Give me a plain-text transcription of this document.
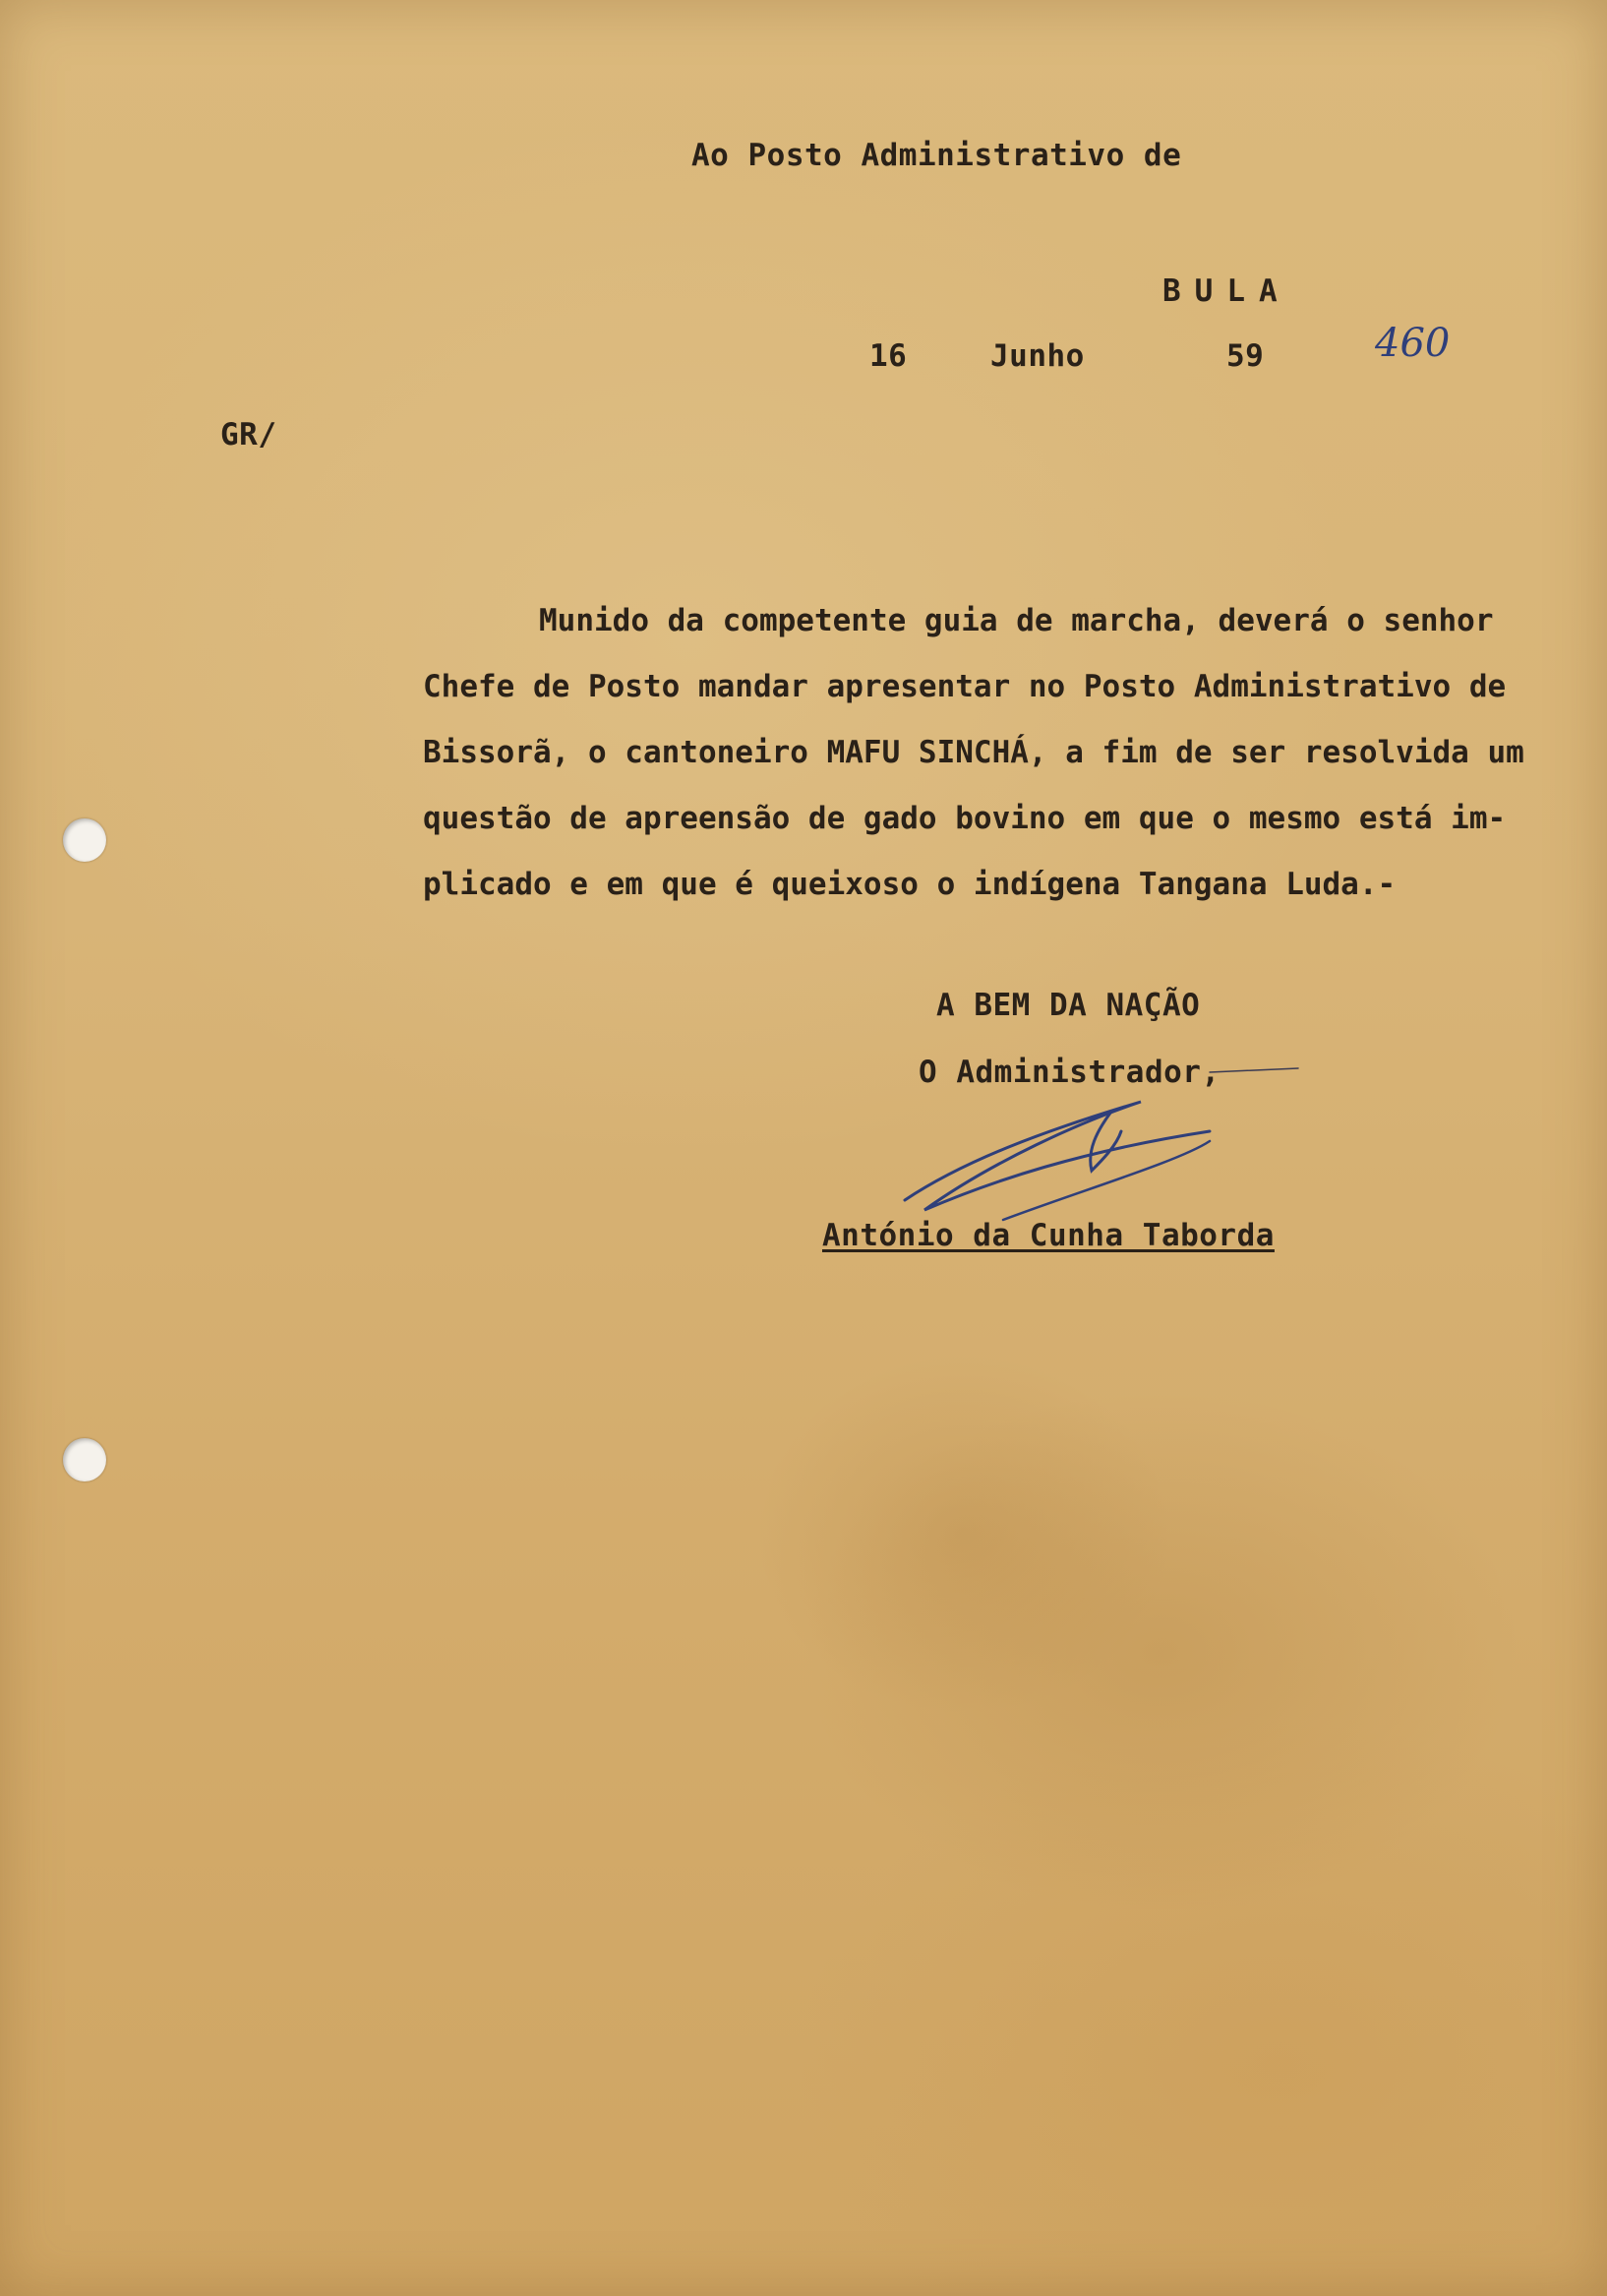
Ao Posto Administrativo de

BULA

16	Junho	59	460

GR/

Munido da competente guia de marcha, deverá o senhor
Chefe de Posto mandar apresentar no Posto Administrativo de
Bissorã, o cantoneiro MAFU SINCHÁ, a fim de ser resolvida um
questão de apreensão de gado bovino em que o mesmo está im-
plicado e em que é queixoso o indígena Tangana Luda.-

A BEM DA NAÇÃO

O Administrador,

António da Cunha Taborda
